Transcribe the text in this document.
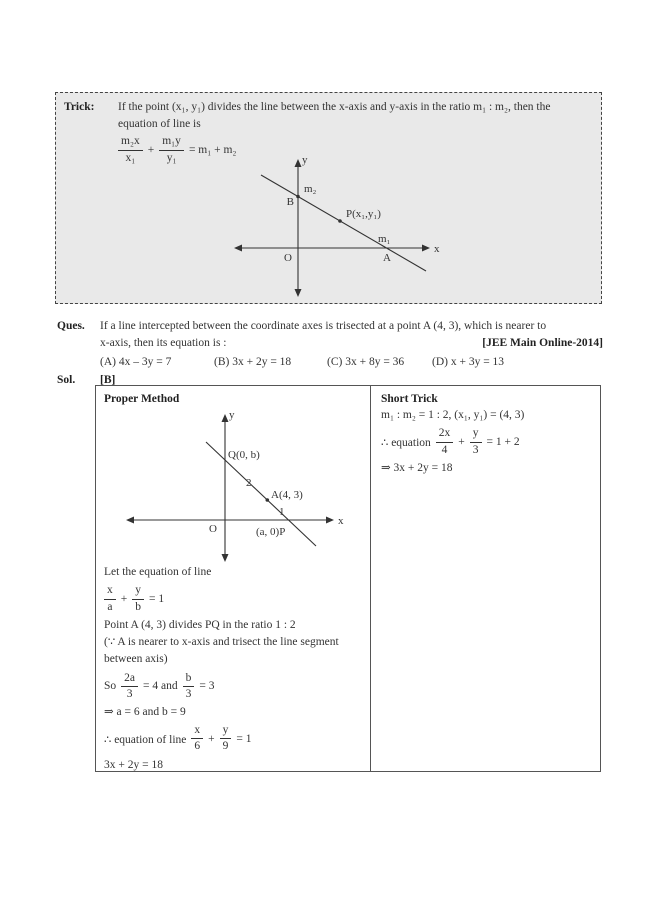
Trick:	If the point (x₁, y₁) divides the line between the x-axis and y-axis in the ratio m₁ : m₂, then the
equation of line is
$\frac{\text{m₂x}}{\text{x₁}} + \frac{\text{m₁y}}{\text{y₁}} = m_1 + m_2$
y
x
B
m₂
P(x₁,y₁)
m₁
A
O
Ques.	If a line intercepted between the coordinate axes is trisected at a point A (4, 3), which is nearer to
x-axis, then its equation is :	[JEE Main Online-2014]
(A) 4x – 3y = 7	(B) 3x + 2y = 18	(C) 3x + 8y = 36	(D) x + 3y = 13
Sol.	[B]
Proper Method
y
x
Q(0, b)
2
A(4, 3)
1
O	(a, 0)P
Let the equation of line
$\frac{x}{a} + \frac{y}{b} = 1$
Point A (4, 3) divides PQ in the ratio 1 : 2
(∵ A is nearer to x-axis and trisect the line segment
between axis)
So $\frac{2a}{3} = 4$ and $\frac{b}{3} = 3$
⇒ a = 6 and b = 9
∴ equation of line $\frac{x}{6} + \frac{y}{9} = 1$
3x + 2y = 18
Short Trick
m₁ : m₂ = 1 : 2, (x₁, y₁) = (4, 3)
∴ equation $\frac{2x}{4} + \frac{y}{3} = 1 + 2$
⇒ 3x + 2y = 18
